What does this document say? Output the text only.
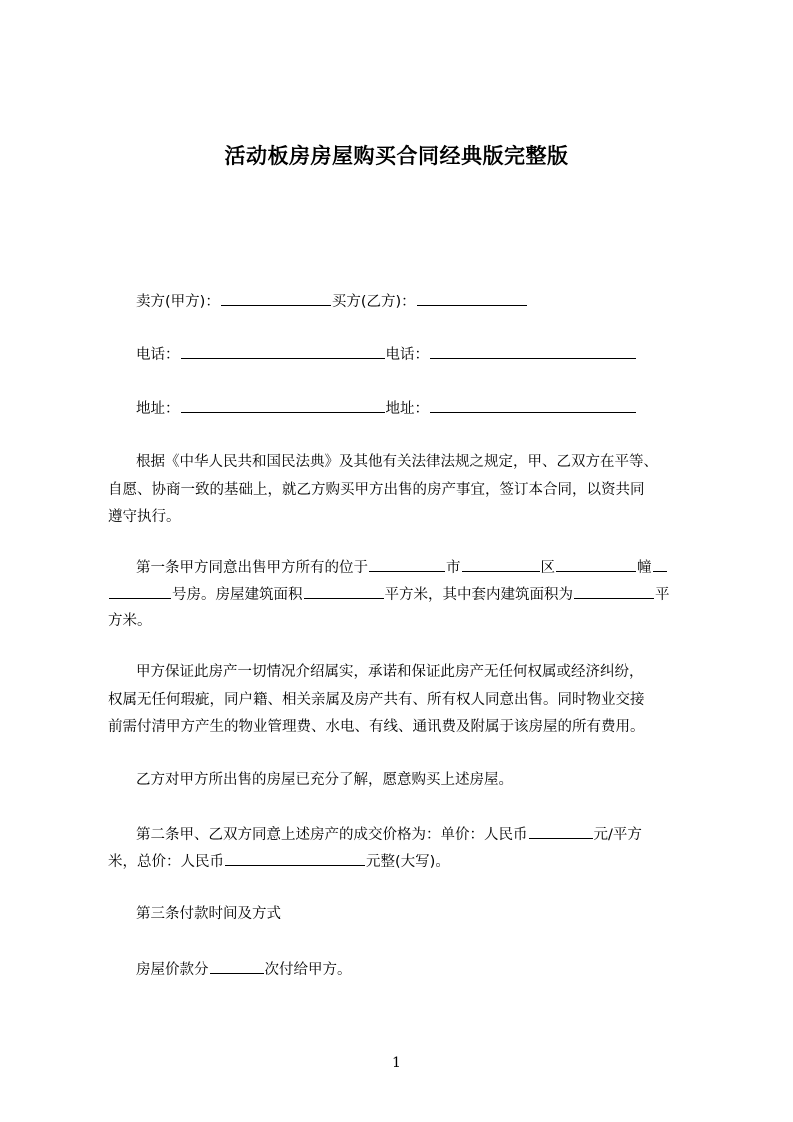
活动板房房屋购买合同经典版完整版
卖方(甲方)：	买方(乙方)：
电话：	电话：
地址：	地址：
根据《中华人民共和国民法典》及其他有关法律法规之规定，甲、乙双方在平等、
自愿、协商一致的基础上，就乙方购买甲方出售的房产事宜，签订本合同，以资共同
遵守执行。
第一条甲方同意出售甲方所有的位于	市	区	幢
号房。房屋建筑面积	平方米，其中套内建筑面积为	平
方米。
甲方保证此房产一切情况介绍属实，承诺和保证此房产无任何权属或经济纠纷，
权属无任何瑕疵，同户籍、相关亲属及房产共有、所有权人同意出售。同时物业交接
前需付清甲方产生的物业管理费、水电、有线、通讯费及附属于该房屋的所有费用。
乙方对甲方所出售的房屋已充分了解，愿意购买上述房屋。
第二条甲、乙双方同意上述房产的成交价格为：单价：人民币	元/平方
米，总价：人民币	元整(大写)。
第三条付款时间及方式
房屋价款分	次付给甲方。
1
